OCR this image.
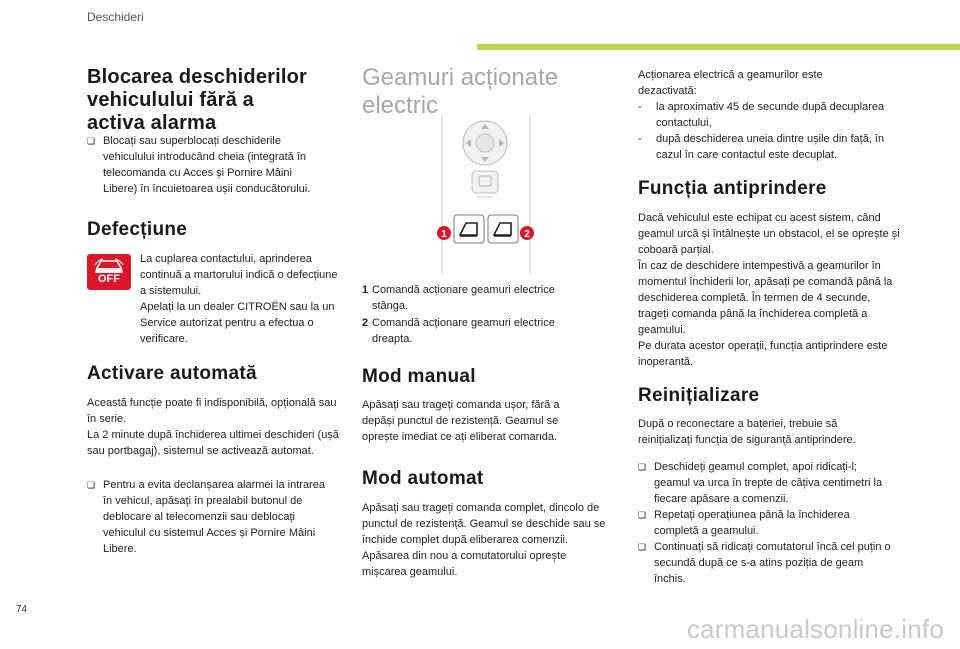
Deschideri
Blocarea deschiderilor vehiculului fără a activa alarma
❏ Blocați sau superblocați deschiderile vehiculului introducând cheia (integrată în telecomanda cu Acces și Pornire Mâini Libere) în încuietoarea ușii conducătorului.
Defecțiune
OFF

La cuplarea contactului, aprinderea continuă a martorului indică o defecțiune a sistemului.
Apelați la un dealer CITROËN sau la un Service autorizat pentru a efectua o verificare.

Activare automată

Această funcție poate fi indisponibilă, opțională sau în serie.
La 2 minute după închiderea ultimei deschideri (ușă sau portbagaj), sistemul se activează automat.

❏ Pentru a evita declanșarea alarmei la intrarea în vehicul, apăsați în prealabil butonul de deblocare al telecomenzii sau deblocați vehiculul cu sistemul Acces și Pornire Mâini Libere.
Geamuri acționate electric
1	2
1 Comandă acționare geamuri electrice stânga.
2 Comandă acționare geamuri electrice dreapta.
Mod manual

Apăsați sau trageți comanda ușor, fără a depăși punctul de rezistență. Geamul se oprește imediat ce ați eliberat comanda.

Mod automat

Apăsați sau trageți comanda complet, dincolo de punctul de rezistență. Geamul se deschide sau se închide complet după eliberarea comenzii. Apăsarea din nou a comutatorului oprește mișcarea geamului.

Acționarea electrică a geamurilor este dezactivată:

-	la aproximativ 45 de secunde după decuplarea contactului,
-	după deschiderea uneia dintre ușile din față, în cazul în care contactul este decuplat.
Funcția antiprindere

Dacă vehiculul este echipat cu acest sistem, când geamul urcă și întâlnește un obstacol, el se oprește și coboară parțial.
În caz de deschidere intempestivă a geamurilor în momentul închiderii lor, apăsați pe comandă până la deschiderea completă. În termen de 4 secunde, trageți comanda până la închiderea completă a geamului.
Pe durata acestor operații, funcția antiprindere este inoperantă.

Reinițializare

După o reconectare a bateriei, trebuie să reinițializați funcția de siguranță antiprindere.

❏ Deschideți geamul complet, apoi ridicați-l; geamul va urca în trepte de câțiva centimetri la fiecare apăsare a comenzii.
❏ Repetați operațiunea până la închiderea completă a geamului.
❏ Continuați să ridicați comutatorul încă cel puțin o secundă după ce s-a atins poziția de geam închis.
74
carmanualsonline.info
